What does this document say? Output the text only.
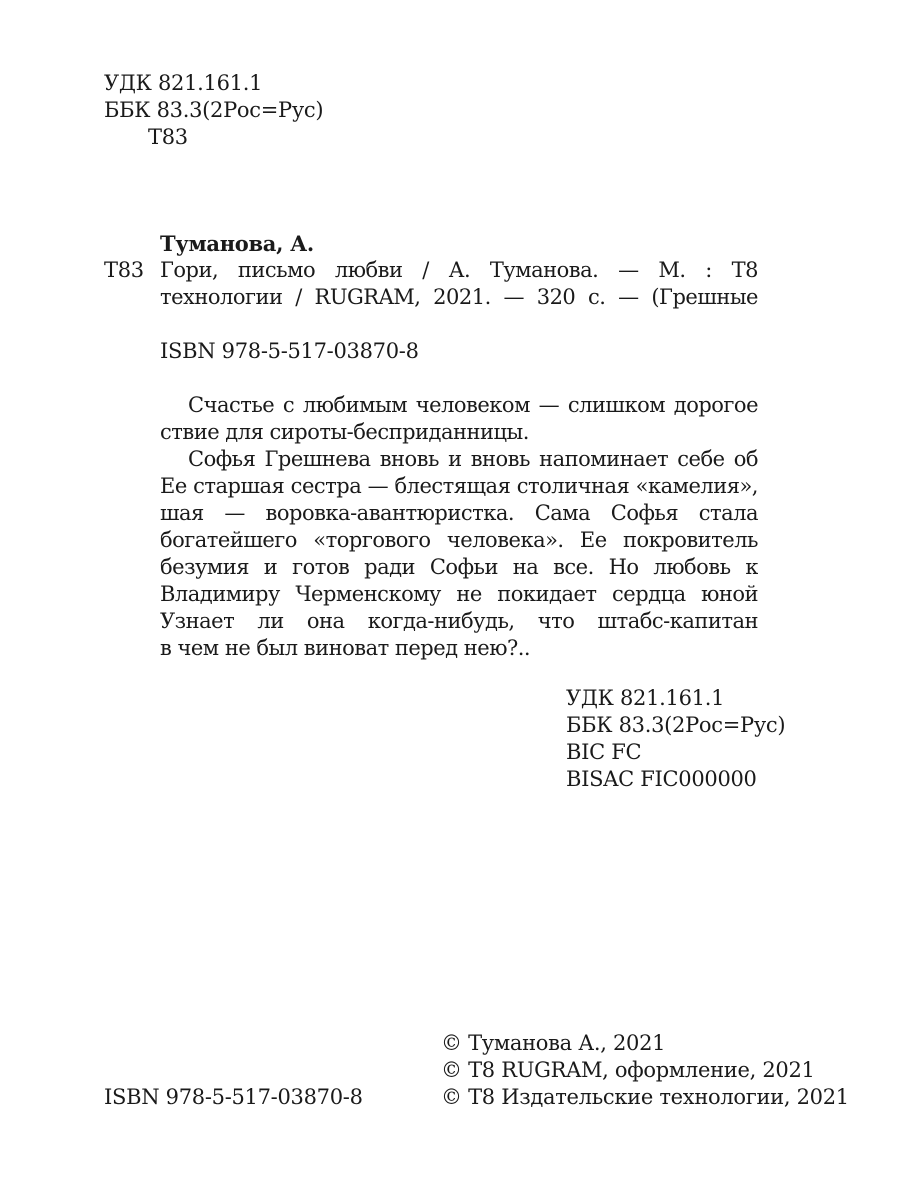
УДК 821.161.1
ББК 83.3(2Рос=Рус)
Т83
Туманова, А.
Т83 Гори, письмо любви / А. Туманова. — М. : Т8
технологии / RUGRAM, 2021. — 320 с. — (Грешные
ISBN 978-5-517-03870-8
Счастье с любимым человеком — слишком дорогое
ствие для сироты-бесприданницы.
Софья Грешнева вновь и вновь напоминает себе об
Ее старшая сестра — блестящая столичная «камелия»,
шая — воровка-авантюристка. Сама Софья стала
богатейшего «торгового человека». Ее покровитель
безумия и готов ради Софьи на все. Но любовь к
Владимиру Черменскому не покидает сердца юной
Узнает ли она когда-нибудь, что штабс-капитан
в чем не был виноват перед нею?..
УДК 821.161.1
ББК 83.3(2Рос=Рус)
BIC FC
BISAC FIC000000
© Туманова А., 2021
© Т8 RUGRAM, оформление, 2021
© Т8 Издательские технологии, 2021
ISBN 978-5-517-03870-8
